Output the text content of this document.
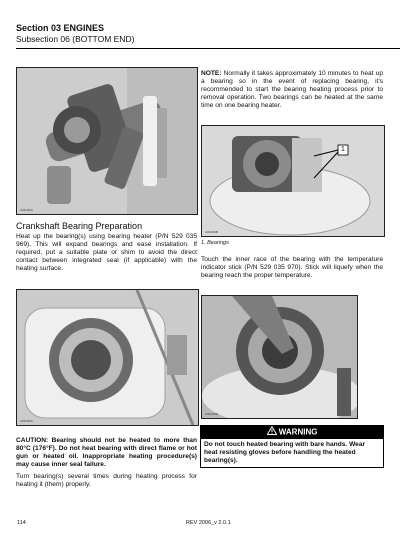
Section 03 ENGINES
Subsection 06 (BOTTOM END)
A32C06A

NOTE: Normally it takes approximately 10 minutes to heat up a bearing so in the event of replacing bearing, it's recommended to start the bearing heating process prior to removal operation. Two bearings can be heated at the same time on one bearing heater.

1
A32C06B
1. Bearings
Crankshaft Bearing Preparation

Heat up the bearing(s) using bearing heater (P/N 529 035 969). This will expand bearings and ease installation. If required, put a suitable plate or shim to avoid the direct contact between integrated seal (if applicable) with the heating surface.

Touch the inner race of the bearing with the temperature indicator stick (P/N 529 035 970). Stick will liquefy when the bearing reach the proper temperature.

A32C06C
A32C06D

CAUTION: Bearing should not be heated to more than 80°C (176°F). Do not heat bearing with direct flame or hot gun or heated oil. Inappropriate heating procedure(s) may cause inner seal failure.

Turn bearing(s) several times during heating process for heating it (them) properly.

WARNING
Do not touch heated bearing with bare hands. Wear heat resisting gloves before handling the heated bearing(s).
114	REV 2006_v 2.0.1
